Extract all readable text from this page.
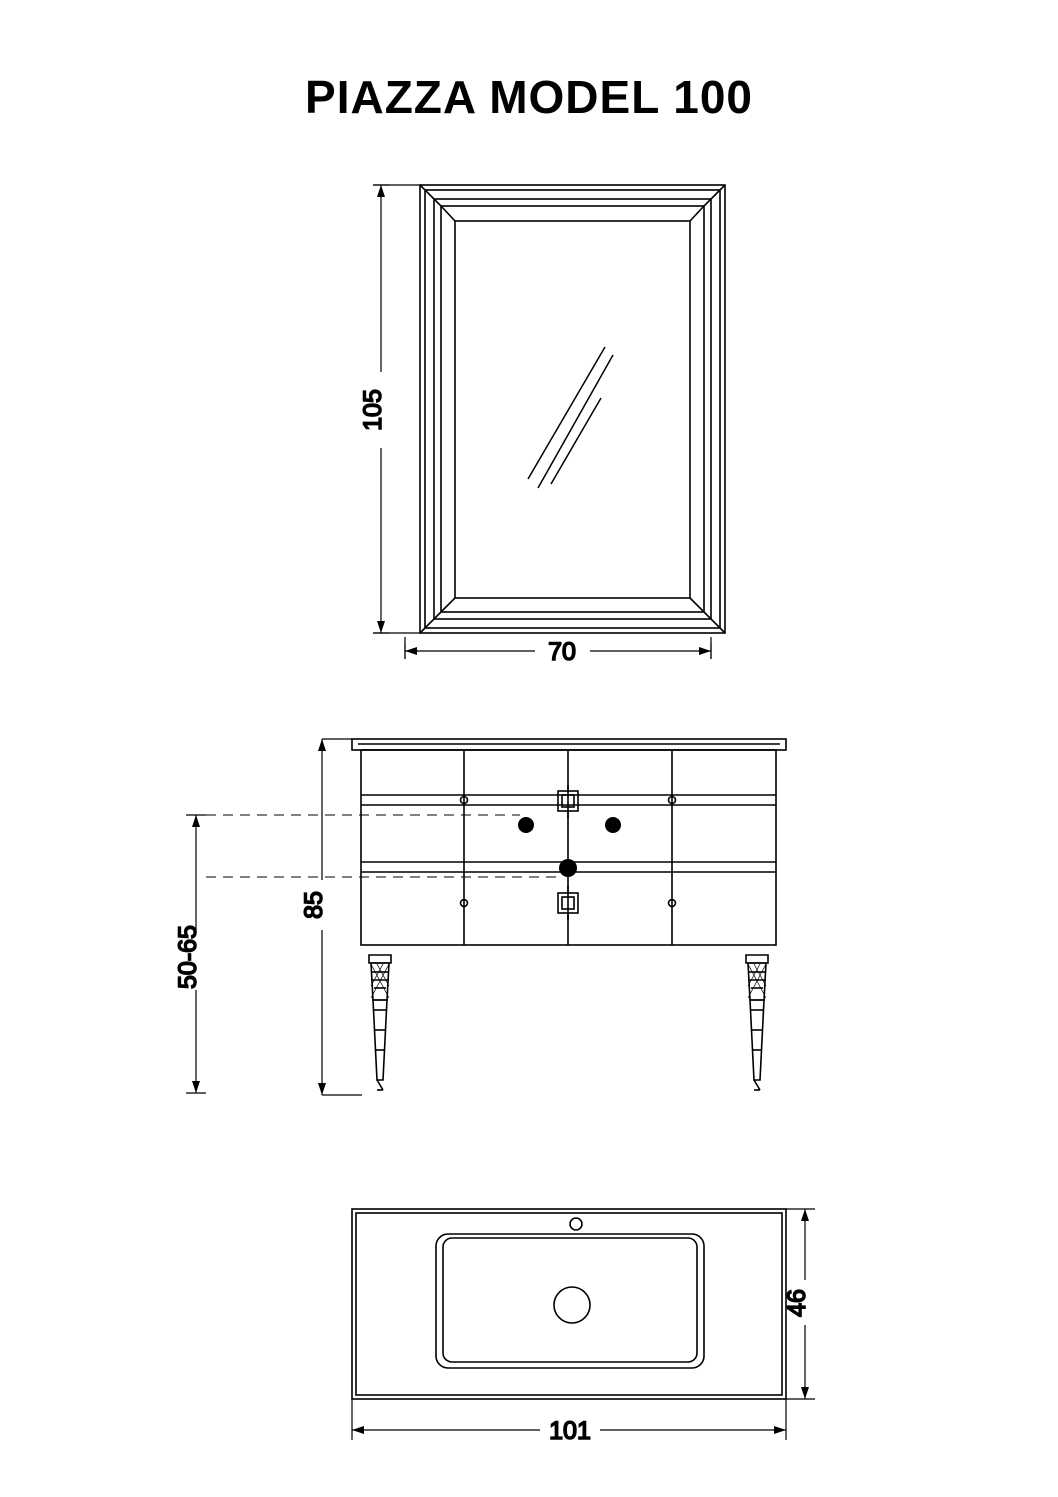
PIAZZA MODEL 100
105
70
85
50-65
46
101
